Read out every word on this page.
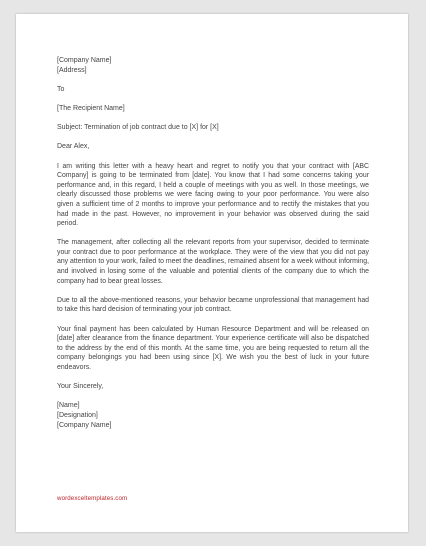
[Company Name]
[Address]
To
[The Recipient Name]
Subject: Termination of job contract due to [X] for [X]
Dear Alex,
I am writing this letter with a heavy heart and regret to notify you that your contract with [ABC Company] is going to be terminated from [date]. You know that I had some concerns taking your performance and, in this regard, I held a couple of meetings with you as well. In those meetings, we clearly discussed those problems we were facing owing to your poor performance. You were also given a sufficient time of 2 months to improve your performance and to rectify the mistakes that you had made in the past. However, no improvement in your behavior was observed during the said period.
The management, after collecting all the relevant reports from your supervisor, decided to terminate your contract due to poor performance at the workplace. They were of the view that you did not pay any attention to your work, failed to meet the deadlines, remained absent for a week without informing, and involved in losing some of the valuable and potential clients of the company due to which the company had to bear great losses.
Due to all the above-mentioned reasons, your behavior became unprofessional that management had to take this hard decision of terminating your job contract.
Your final payment has been calculated by Human Resource Department and will be released on [date] after clearance from the finance department. Your experience certificate will also be dispatched to the address by the end of this month. At the same time, you are being requested to return all the company belongings you had been using since [X]. We wish you the best of luck in your future endeavors.
Your Sincerely,
[Name]
[Designation]
[Company Name]
wordexceltemplates.com
